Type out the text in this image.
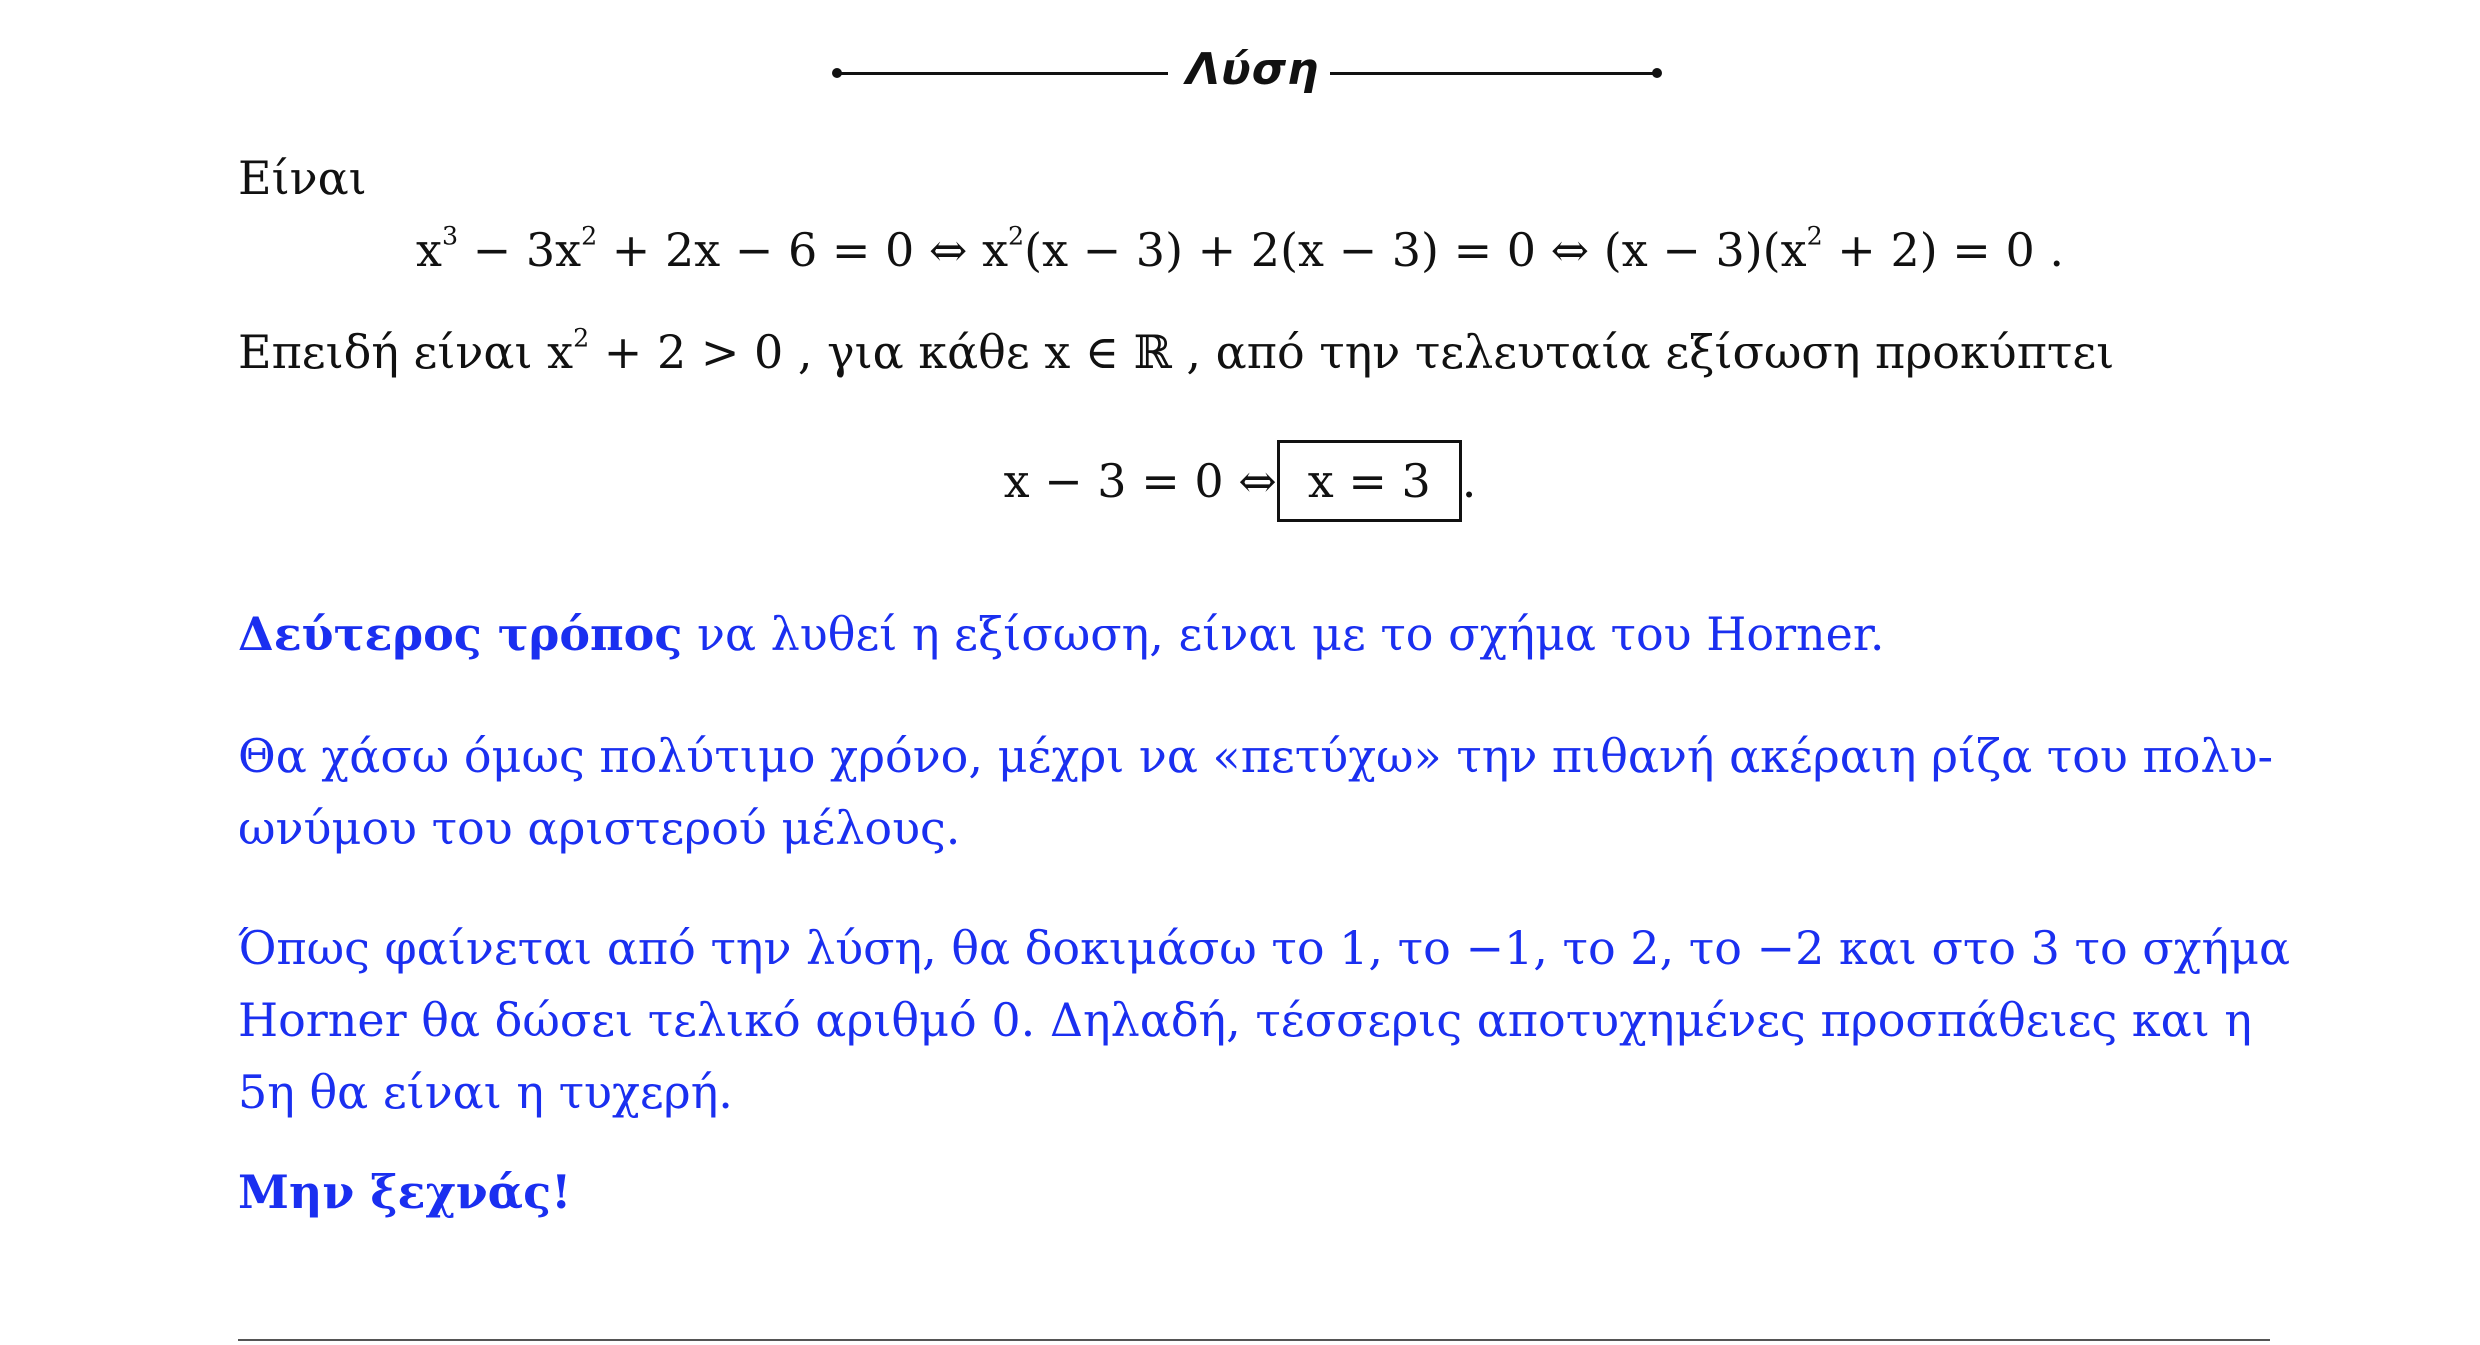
Λύση
Είναι
$x^3 - 3x^2 + 2x - 6 = 0$ ⇔ $x^2(x - 3) + 2(x - 3) = 0$ ⇔ $(x - 3)(x^2 + 2) = 0$ .
Επειδή είναι $x^2 + 2 > 0$ , για κάθε x ∈ ℝ , από την τελευταία εξίσωση προκύπτει
x − 3 = 0 ⇔ x = 3 .
Δεύτερος τρόπος να λυθεί η εξίσωση, είναι με το σχήμα του Horner.
Θα χάσω όμως πολύτιμο χρόνο, μέχρι να «πετύχω» την πιθανή ακέραιη ρίζα του πολυ-
ωνύμου του αριστερού μέλους.
Όπως φαίνεται από την λύση, θα δοκιμάσω το 1, το −1, το 2, το −2 και στο 3 το σχήμα
Horner θα δώσει τελικό αριθμό 0. Δηλαδή, τέσσερις αποτυχημένες προσπάθειες και η
5η θα είναι η τυχερή.
Μην ξεχνάς!
